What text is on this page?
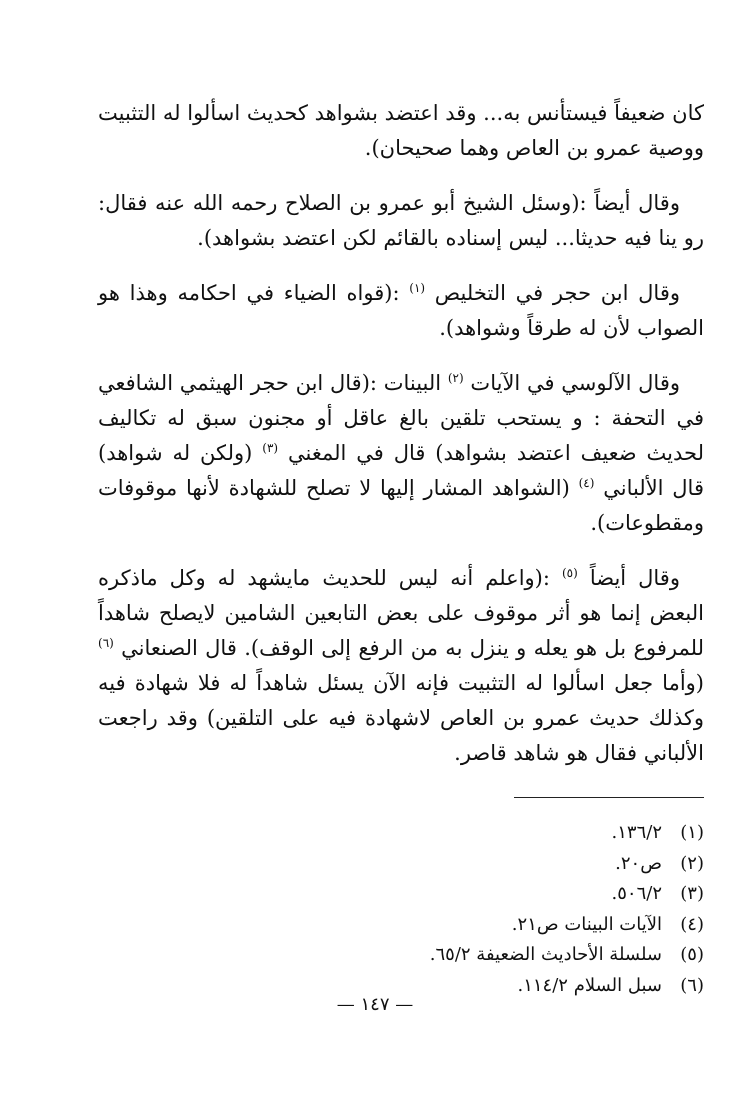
كان ضعيفاً فيستأنس به... وقد اعتضد بشواهد كحديث اسألوا له التثبيت ووصية عمرو بن العاص وهما صحيحان).

وقال أيضاً :(وسئل الشيخ أبو عمرو بن الصلاح رحمه الله عنه فقال: رو ينا فيه حديثا... ليس إسناده بالقائم لكن اعتضد بشواهد).

وقال ابن حجر في التخليص $^{(١)}$ :(قواه الضياء في احكامه وهذا هو الصواب لأن له طرقاً وشواهد).

وقال الآلوسي في الآيات $^{(٢)}$ البينات :(قال ابن حجر الهيثمي الشافعي في التحفة : و يستحب تلقين بالغ عاقل أو مجنون سبق له تكاليف لحديث ضعيف اعتضد بشواهد) قال في المغني $^{(٣)}$ (ولكن له شواهد) قال الألباني $^{(٤)}$ (الشواهد المشار إليها لا تصلح للشهادة لأنها موقوفات ومقطوعات).

وقال أيضاً $^{(٥)}$ :(واعلم أنه ليس للحديث مايشهد له وكل ماذكره البعض إنما هو أثر موقوف على بعض التابعين الشامين لايصلح شاهداً للمرفوع بل هو يعله و ينزل به من الرفع إلى الوقف). قال الصنعاني $^{(٦)}$ (وأما جعل اسألوا له التثبيت فإنه الآن يسئل شاهداً له فلا شهادة فيه وكذلك حديث عمرو بن العاص لاشهادة فيه على التلقين) وقد راجعت الألباني فقال هو شاهد قاصر.

(١)١٣٦/٢.
(٢)ص٢٠.
(٣)٥٠٦/٢.
(٤)الآيات البينات ص٢١.
(٥)سلسلة الأحاديث الضعيفة ٦٥/٢.
(٦)سبل السلام ١١٤/٢.
— ١٤٧ —
